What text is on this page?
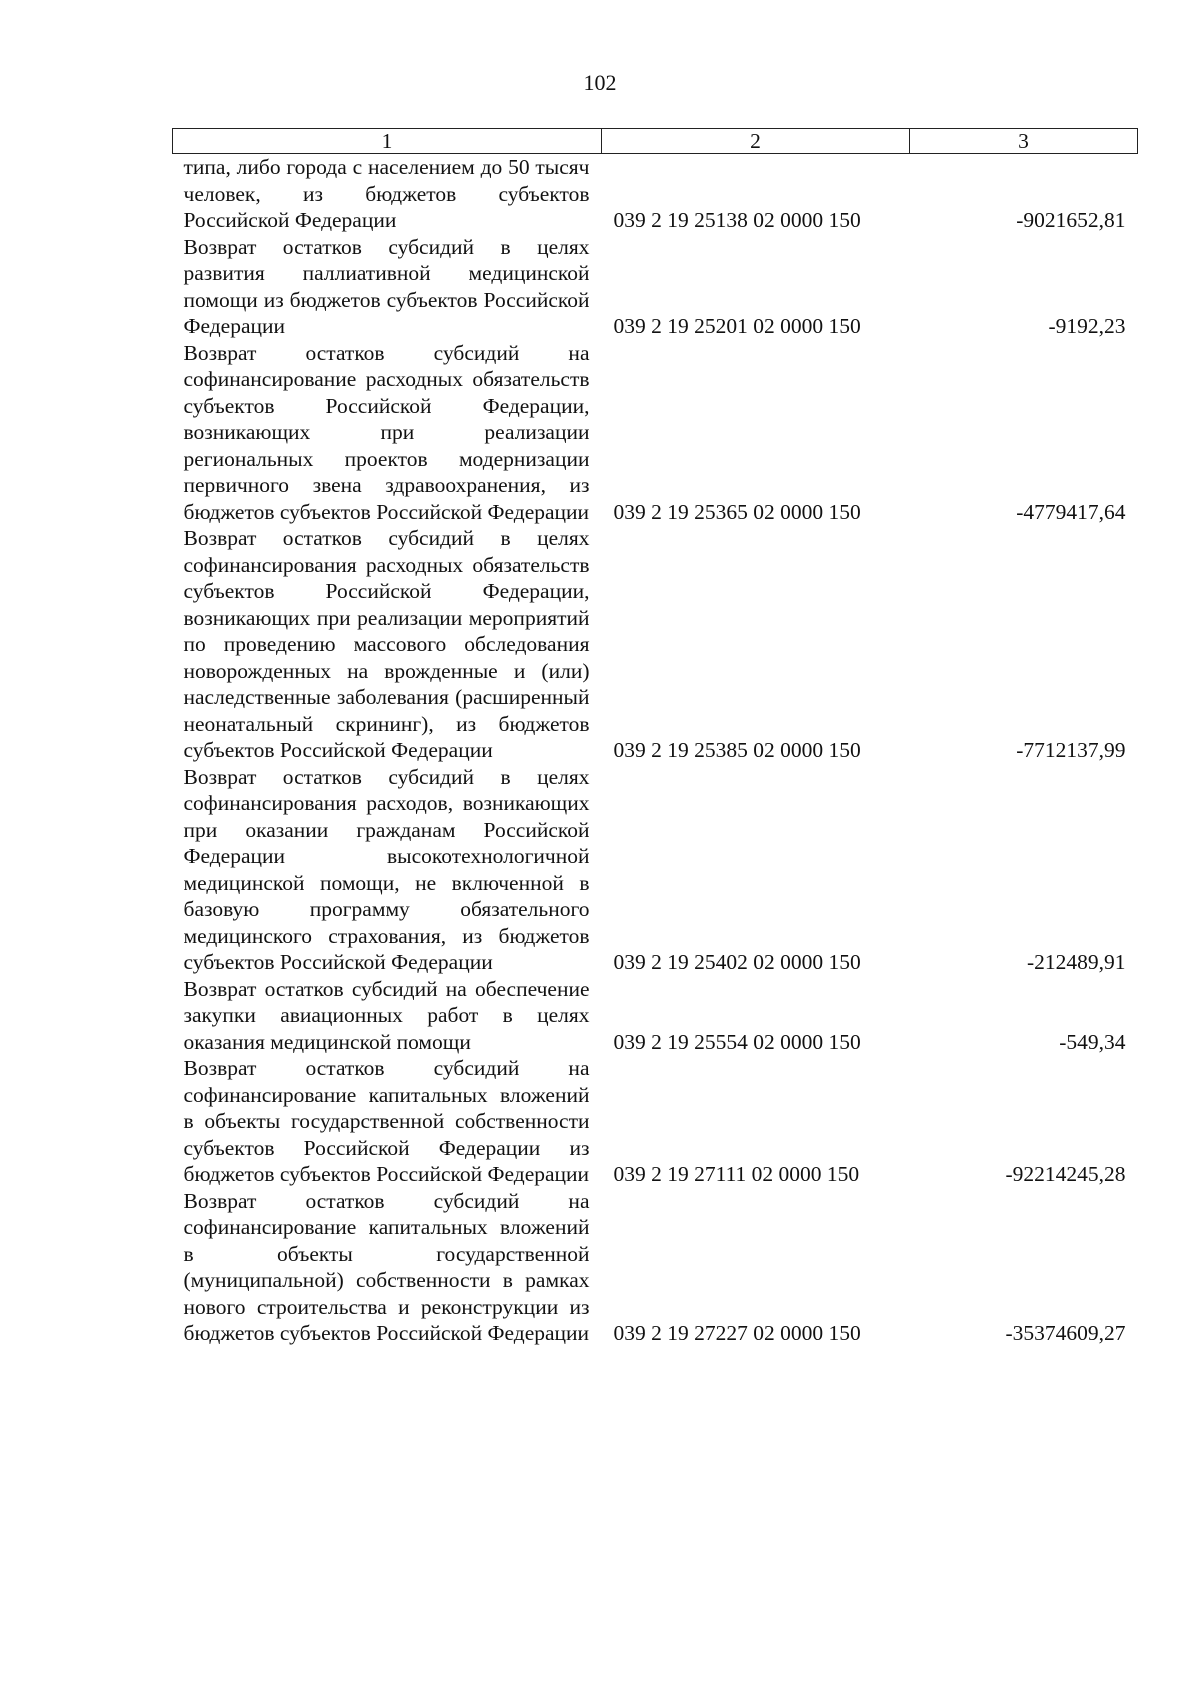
102
1	2	3
типа, либо города с населением до 50 тысяч человек, из бюджетов субъектов Российской Федерации	039 2 19 25138 02 0000 150	-9021652,81
Возврат остатков субсидий в целях развития паллиативной медицинской помощи из бюджетов субъектов Российской Федерации	039 2 19 25201 02 0000 150	-9192,23
Возврат остатков субсидий на софинансирование расходных обязательств субъектов Российской Федерации, возникающих при реализации региональных проектов модернизации первичного звена здравоохранения, из бюджетов субъектов Российской Федерации	039 2 19 25365 02 0000 150	-4779417,64
Возврат остатков субсидий в целях софинансирования расходных обязательств субъектов Российской Федерации, возникающих при реализации мероприятий по проведению массового обследования новорожденных на врожденные и (или) наследственные заболевания (расширенный неонатальный скрининг), из бюджетов субъектов Российской Федерации	039 2 19 25385 02 0000 150	-7712137,99
Возврат остатков субсидий в целях софинансирования расходов, возникающих при оказании гражданам Российской Федерации высокотехнологичной медицинской помощи, не включенной в базовую программу обязательного медицинского страхования, из бюджетов субъектов Российской Федерации	039 2 19 25402 02 0000 150	-212489,91
Возврат остатков субсидий на обеспечение закупки авиационных работ в целях оказания медицинской помощи	039 2 19 25554 02 0000 150	-549,34
Возврат остатков субсидий на софинансирование капитальных вложений в объекты государственной собственности субъектов Российской Федерации из бюджетов субъектов Российской Федерации	039 2 19 27111 02 0000 150	-92214245,28
Возврат остатков субсидий на софинансирование капитальных вложений в объекты государственной (муниципальной) собственности в рамках нового строительства и реконструкции из бюджетов субъектов Российской Федерации	039 2 19 27227 02 0000 150	-35374609,27
